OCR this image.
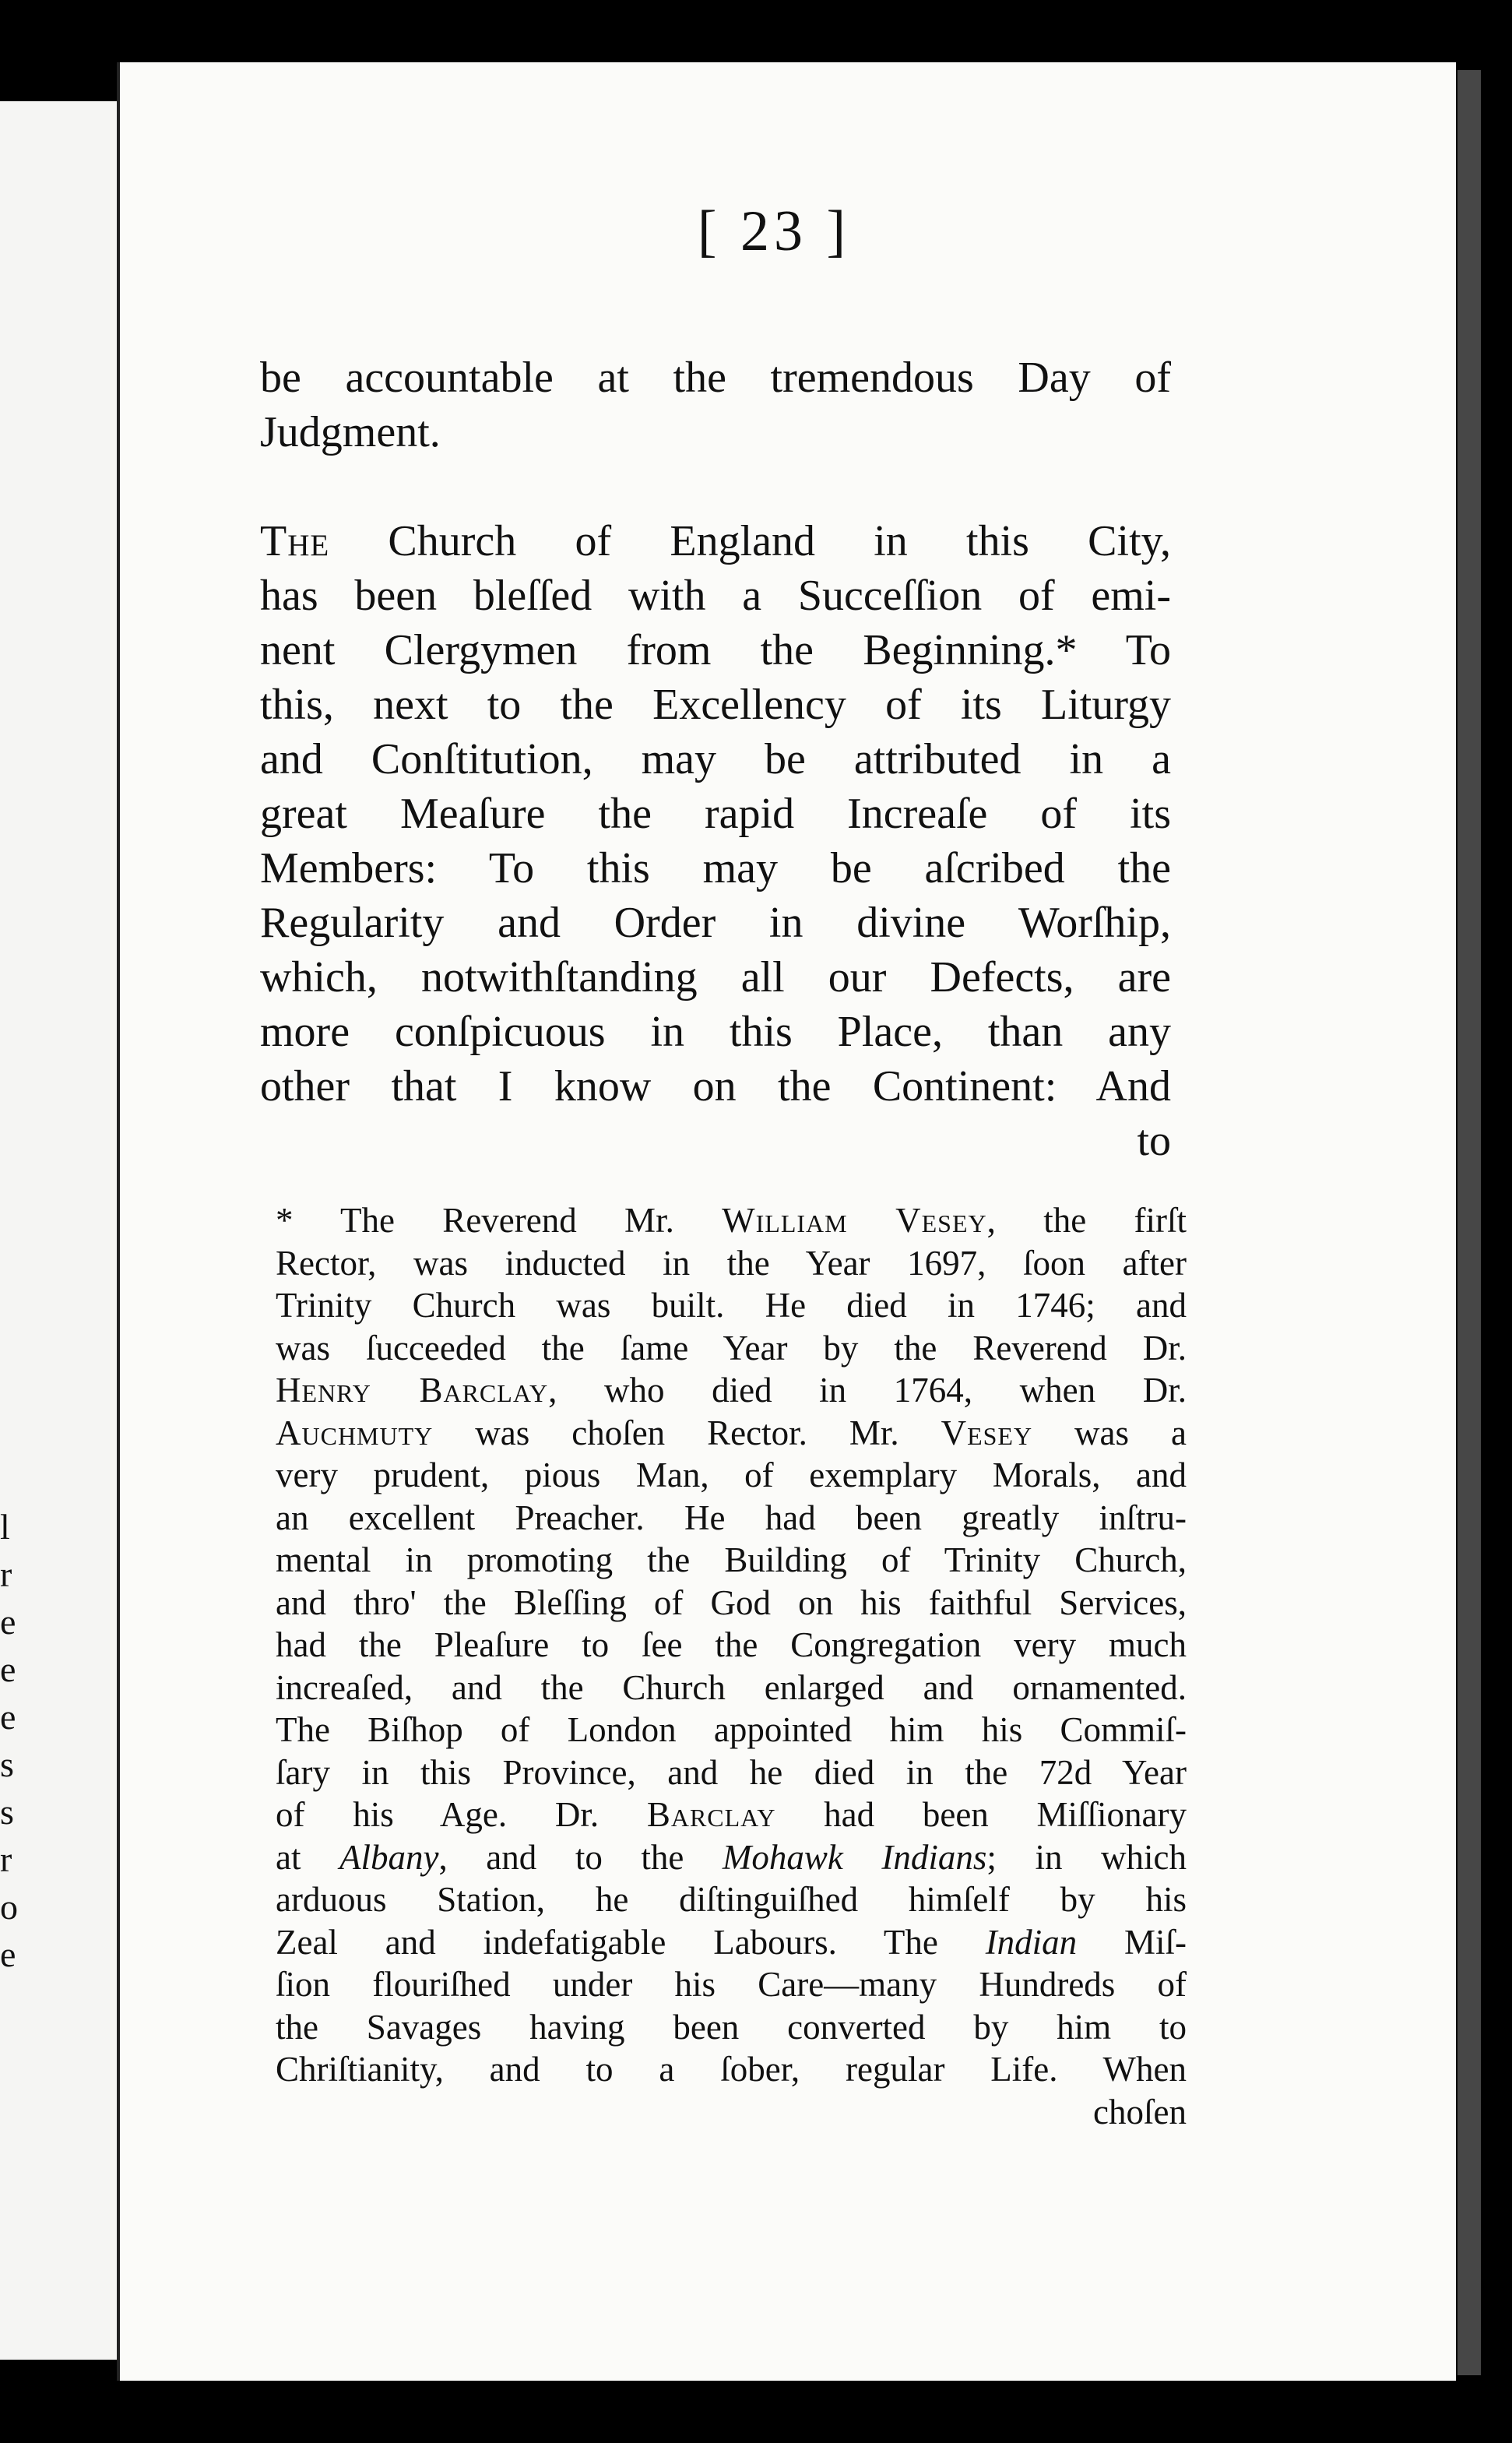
l
r
e
e
e
s
s
r
o
e
[ 23 ]
be accountable at the tremendous Day of
Judgment.
The Church of England in this City,
has been bleſſed with a Succeſſion of emi-
nent Clergymen from the Beginning.* To
this, next to the Excellency of its Liturgy
and Conſtitution, may be attributed in a
great Meaſure the rapid Increaſe of its
Members: To this may be aſcribed the
Regularity and Order in divine Worſhip,
which, notwithſtanding all our Defects, are
more conſpicuous in this Place, than any
other that I know on the Continent: And
to
* The Reverend Mr. William Vesey, the firſt
Rector, was inducted in the Year 1697, ſoon after
Trinity Church was built. He died in 1746; and
was ſucceeded the ſame Year by the Reverend Dr.
Henry Barclay, who died in 1764, when Dr.
Auchmuty was choſen Rector. Mr. Vesey was a
very prudent, pious Man, of exemplary Morals, and
an excellent Preacher. He had been greatly inſtru-
mental in promoting the Building of Trinity Church,
and thro' the Bleſſing of God on his faithful Services,
had the Pleaſure to ſee the Congregation very much
increaſed, and the Church enlarged and ornamented.
The Biſhop of London appointed him his Commiſ-
ſary in this Province, and he died in the 72d Year
of his Age. Dr. Barclay had been Miſſionary
at Albany, and to the Mohawk Indians; in which
arduous Station, he diſtinguiſhed himſelf by his
Zeal and indefatigable Labours. The Indian Miſ-
ſion flouriſhed under his Care—many Hundreds of
the Savages having been converted by him to
Chriſtianity, and to a ſober, regular Life. When
choſen
